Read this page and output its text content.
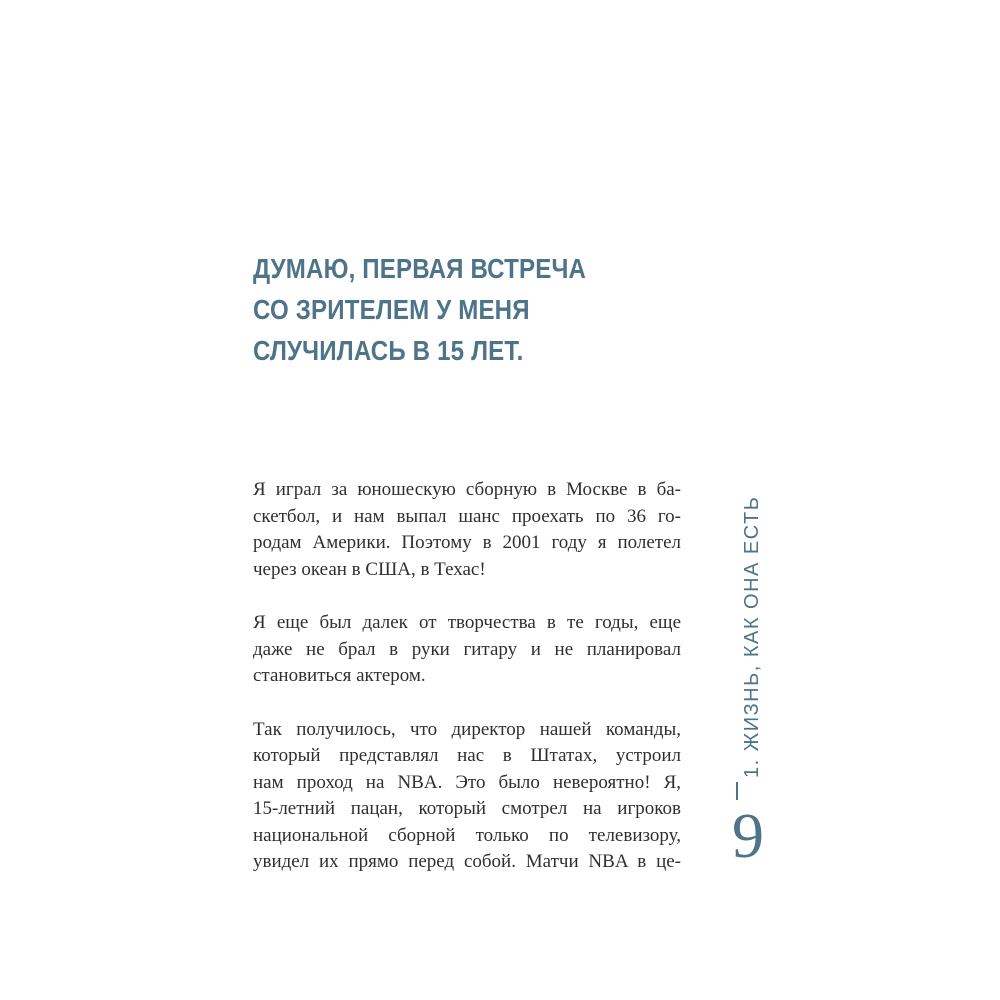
ДУМАЮ, ПЕРВАЯ ВСТРЕЧА
СО ЗРИТЕЛЕМ У МЕНЯ
СЛУЧИЛАСЬ В 15 ЛЕТ.

Я играл за юношескую сборную в Москве в ба-
скетбол, и нам выпал шанс проехать по 36 го-
родам Америки. Поэтому в 2001 году я полетел
через океан в США, в Техас!

Я еще был далек от творчества в те годы, еще
даже не брал в руки гитару и не планировал
становиться актером.

Так получилось, что директор нашей команды,
который представлял нас в Штатах, устроил
нам проход на NBA. Это было невероятно! Я,
15-летний пацан, который смотрел на игроков
национальной сборной только по телевизору,
увидел их прямо перед собой. Матчи NBA в це-

1. ЖИЗНЬ, КАК ОНА ЕСТЬ
9
